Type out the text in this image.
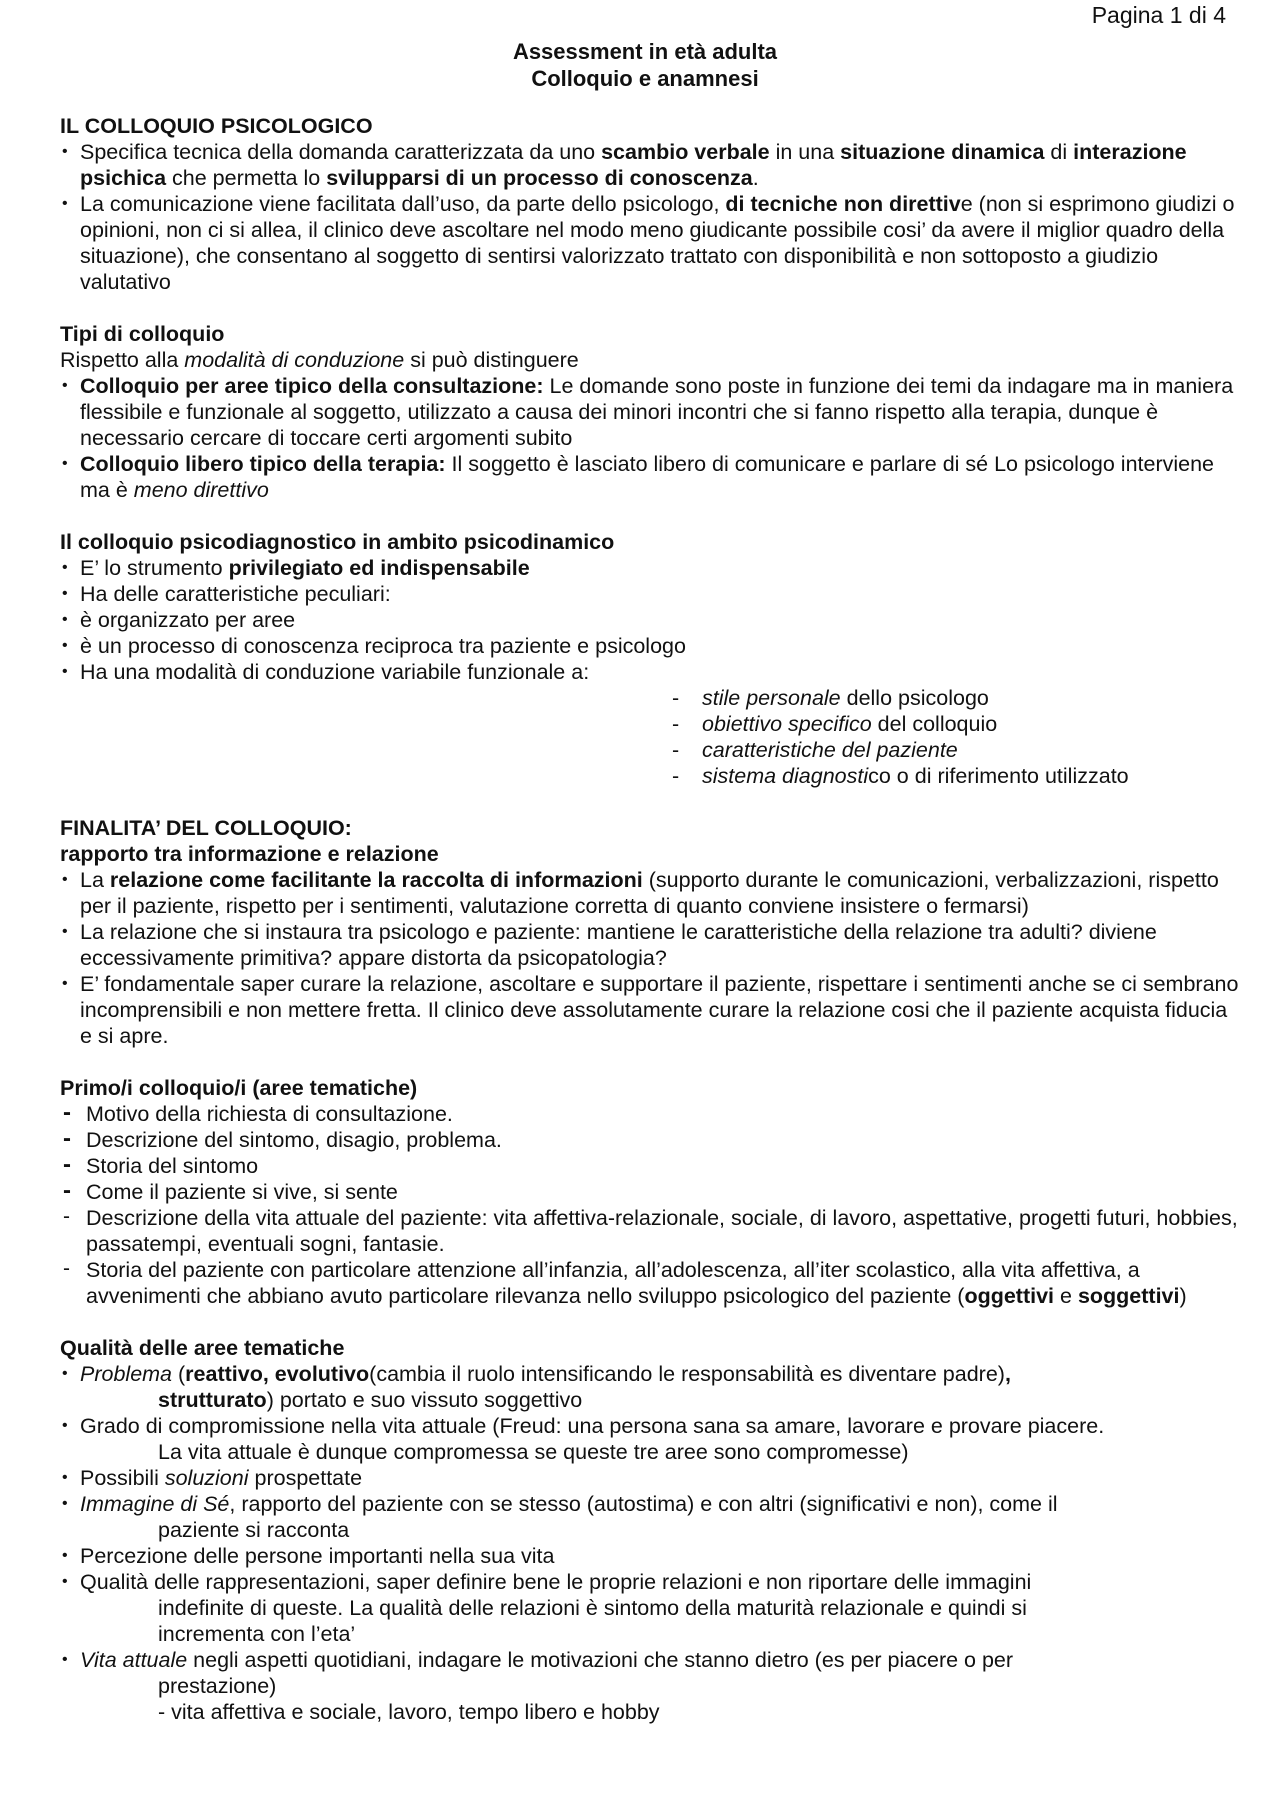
Pagina 1 di 4
Assessment in età adulta
Colloquio e anamnesi

IL COLLOQUIO PSICOLOGICO

• Specifica tecnica della domanda caratterizzata da uno scambio verbale in una situazione dinamica di interazione psichica che permetta lo svilupparsi di un processo di conoscenza.
• La comunicazione viene facilitata dall’uso, da parte dello psicologo, di tecniche non direttive (non si esprimono giudizi o opinioni, non ci si allea, il clinico deve ascoltare nel modo meno giudicante possibile cosi’ da avere il miglior quadro della situazione), che consentano al soggetto di sentirsi valorizzato trattato con disponibilità e non sottoposto a giudizio valutativo

Tipi di colloquio

Rispetto alla modalità di conduzione si può distinguere
• Colloquio per aree tipico della consultazione: Le domande sono poste in funzione dei temi da indagare ma in maniera flessibile e funzionale al soggetto, utilizzato a causa dei minori incontri che si fanno rispetto alla terapia, dunque è necessario cercare di toccare certi argomenti subito
• Colloquio libero tipico della terapia: Il soggetto è lasciato libero di comunicare e parlare di sé Lo psicologo interviene ma è meno direttivo

Il colloquio psicodiagnostico in ambito psicodinamico

• E’ lo strumento privilegiato ed indispensabile
• Ha delle caratteristiche peculiari:
• è organizzato per aree
• è un processo di conoscenza reciproca tra paziente e psicologo
• Ha una modalità di conduzione variabile funzionale a:
- stile personale dello psicologo
- obiettivo specifico del colloquio
- caratteristiche del paziente
- sistema diagnostico o di riferimento utilizzato

FINALITA’ DEL COLLOQUIO:

rapporto tra informazione e relazione

• La relazione come facilitante la raccolta di informazioni (supporto durante le comunicazioni, verbalizzazioni, rispetto per il paziente, rispetto per i sentimenti, valutazione corretta di quanto conviene insistere o fermarsi)
• La relazione che si instaura tra psicologo e paziente: mantiene le caratteristiche della relazione tra adulti? diviene eccessivamente primitiva? appare distorta da psicopatologia?
• E’ fondamentale saper curare la relazione, ascoltare e supportare il paziente, rispettare i sentimenti anche se ci sembrano incomprensibili e non mettere fretta. Il clinico deve assolutamente curare la relazione cosi che il paziente acquista fiducia e si apre.

Primo/i colloquio/i (aree tematiche)

- Motivo della richiesta di consultazione.
- Descrizione del sintomo, disagio, problema.
- Storia del sintomo
- Come il paziente si vive, si sente
- Descrizione della vita attuale del paziente: vita affettiva-relazionale, sociale, di lavoro, aspettative, progetti futuri, hobbies, passatempi, eventuali sogni, fantasie.
- Storia del paziente con particolare attenzione all’infanzia, all’adolescenza, all’iter scolastico, alla vita affettiva, a avvenimenti che abbiano avuto particolare rilevanza nello sviluppo psicologico del paziente (oggettivi e soggettivi)

Qualità delle aree tematiche

• Problema (reattivo, evolutivo(cambia il ruolo intensificando le responsabilità es diventare padre),
strutturato) portato e suo vissuto soggettivo
• Grado di compromissione nella vita attuale (Freud: una persona sana sa amare, lavorare e provare piacere.
La vita attuale è dunque compromessa se queste tre aree sono compromesse)
• Possibili soluzioni prospettate
• Immagine di Sé, rapporto del paziente con se stesso (autostima) e con altri (significativi e non), come il
paziente si racconta
• Percezione delle persone importanti nella sua vita
• Qualità delle rappresentazioni, saper definire bene le proprie relazioni e non riportare delle immagini
indefinite di queste. La qualità delle relazioni è sintomo della maturità relazionale e quindi si
incrementa con l’eta’
• Vita attuale negli aspetti quotidiani, indagare le motivazioni che stanno dietro (es per piacere o per
prestazione)
- vita affettiva e sociale, lavoro, tempo libero e hobby
